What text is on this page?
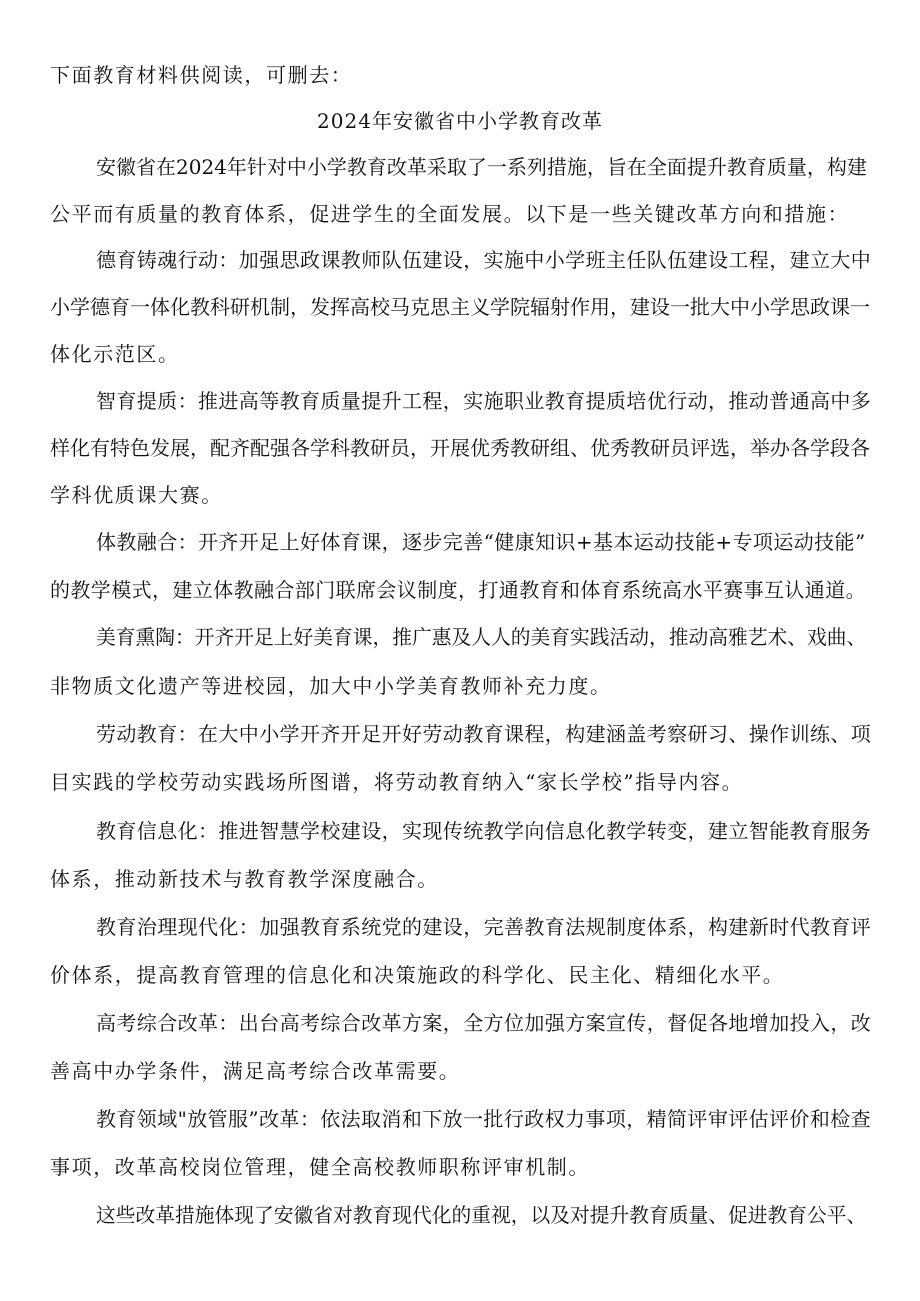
下面教育材料供阅读，可删去：

2024年安徽省中小学教育改革

安徽省在2024年针对中小学教育改革采取了一系列措施，旨在全面提升教育质量，构建

公平而有质量的教育体系，促进学生的全面发展。以下是一些关键改革方向和措施：

德育铸魂行动：加强思政课教师队伍建设，实施中小学班主任队伍建设工程，建立大中

小学德育一体化教科研机制，发挥高校马克思主义学院辐射作用，建设一批大中小学思政课一

体化示范区。

智育提质：推进高等教育质量提升工程，实施职业教育提质培优行动，推动普通高中多

样化有特色发展，配齐配强各学科教研员，开展优秀教研组、优秀教研员评选，举办各学段各

学科优质课大赛。

体教融合：开齐开足上好体育课，逐步完善“健康知识+基本运动技能+专项运动技能”

的教学模式，建立体教融合部门联席会议制度，打通教育和体育系统高水平赛事互认通道。

美育熏陶：开齐开足上好美育课，推广惠及人人的美育实践活动，推动高雅艺术、戏曲、

非物质文化遗产等进校园，加大中小学美育教师补充力度。

劳动教育：在大中小学开齐开足开好劳动教育课程，构建涵盖考察研习、操作训练、项

目实践的学校劳动实践场所图谱，将劳动教育纳入“家长学校”指导内容。

教育信息化：推进智慧学校建设，实现传统教学向信息化教学转变，建立智能教育服务

体系，推动新技术与教育教学深度融合。

教育治理现代化：加强教育系统党的建设，完善教育法规制度体系，构建新时代教育评

价体系，提高教育管理的信息化和决策施政的科学化、民主化、精细化水平。

高考综合改革：出台高考综合改革方案，全方位加强方案宣传，督促各地增加投入，改

善高中办学条件，满足高考综合改革需要。

教育领域"放管服”改革：依法取消和下放一批行政权力事项，精简评审评估评价和检查

事项，改革高校岗位管理，健全高校教师职称评审机制。

这些改革措施体现了安徽省对教育现代化的重视，以及对提升教育质量、促进教育公平、
